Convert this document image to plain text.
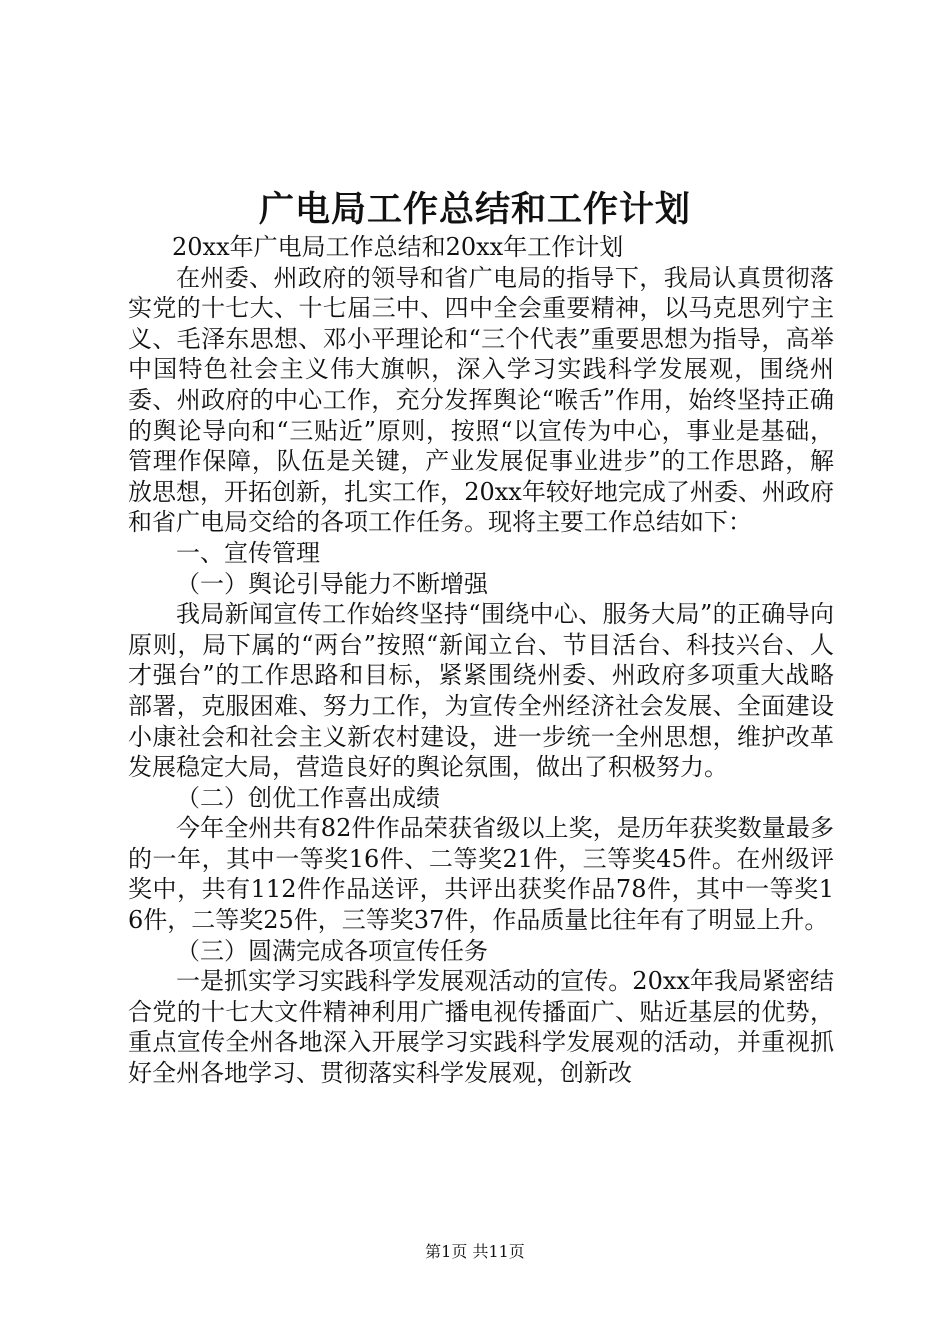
广电局工作总结和工作计划

20xx年广电局工作总结和20xx年工作计划

在州委、州政府的领导和省广电局的指导下，我局认真贯彻落实党的十七大、十七届三中、四中全会重要精神，以马克思列宁主义、毛泽东思想、邓小平理论和“三个代表”重要思想为指导，高举中国特色社会主义伟大旗帜，深入学习实践科学发展观，围绕州委、州政府的中心工作，充分发挥舆论“喉舌”作用，始终坚持正确的舆论导向和“三贴近”原则，按照“以宣传为中心，事业是基础，管理作保障，队伍是关键，产业发展促事业进步”的工作思路，解放思想，开拓创新，扎实工作，20xx年较好地完成了州委、州政府和省广电局交给的各项工作任务。现将主要工作总结如下：

一、宣传管理

（一）舆论引导能力不断增强

我局新闻宣传工作始终坚持“围绕中心、服务大局”的正确导向原则，局下属的“两台”按照“新闻立台、节目活台、科技兴台、人才强台”的工作思路和目标，紧紧围绕州委、州政府多项重大战略部署，克服困难、努力工作，为宣传全州经济社会发展、全面建设小康社会和社会主义新农村建设，进一步统一全州思想，维护改革发展稳定大局，营造良好的舆论氛围，做出了积极努力。

（二）创优工作喜出成绩

今年全州共有82件作品荣获省级以上奖，是历年获奖数量最多的一年，其中一等奖16件、二等奖21件，三等奖45件。在州级评奖中，共有112件作品送评，共评出获奖作品78件，其中一等奖16件，二等奖25件，三等奖37件，作品质量比往年有了明显上升。

（三）圆满完成各项宣传任务

一是抓实学习实践科学发展观活动的宣传。20xx年我局紧密结合党的十七大文件精神利用广播电视传播面广、贴近基层的优势，重点宣传全州各地深入开展学习实践科学发展观的活动，并重视抓好全州各地学习、贯彻落实科学发展观，创新改

第1页 共11页
